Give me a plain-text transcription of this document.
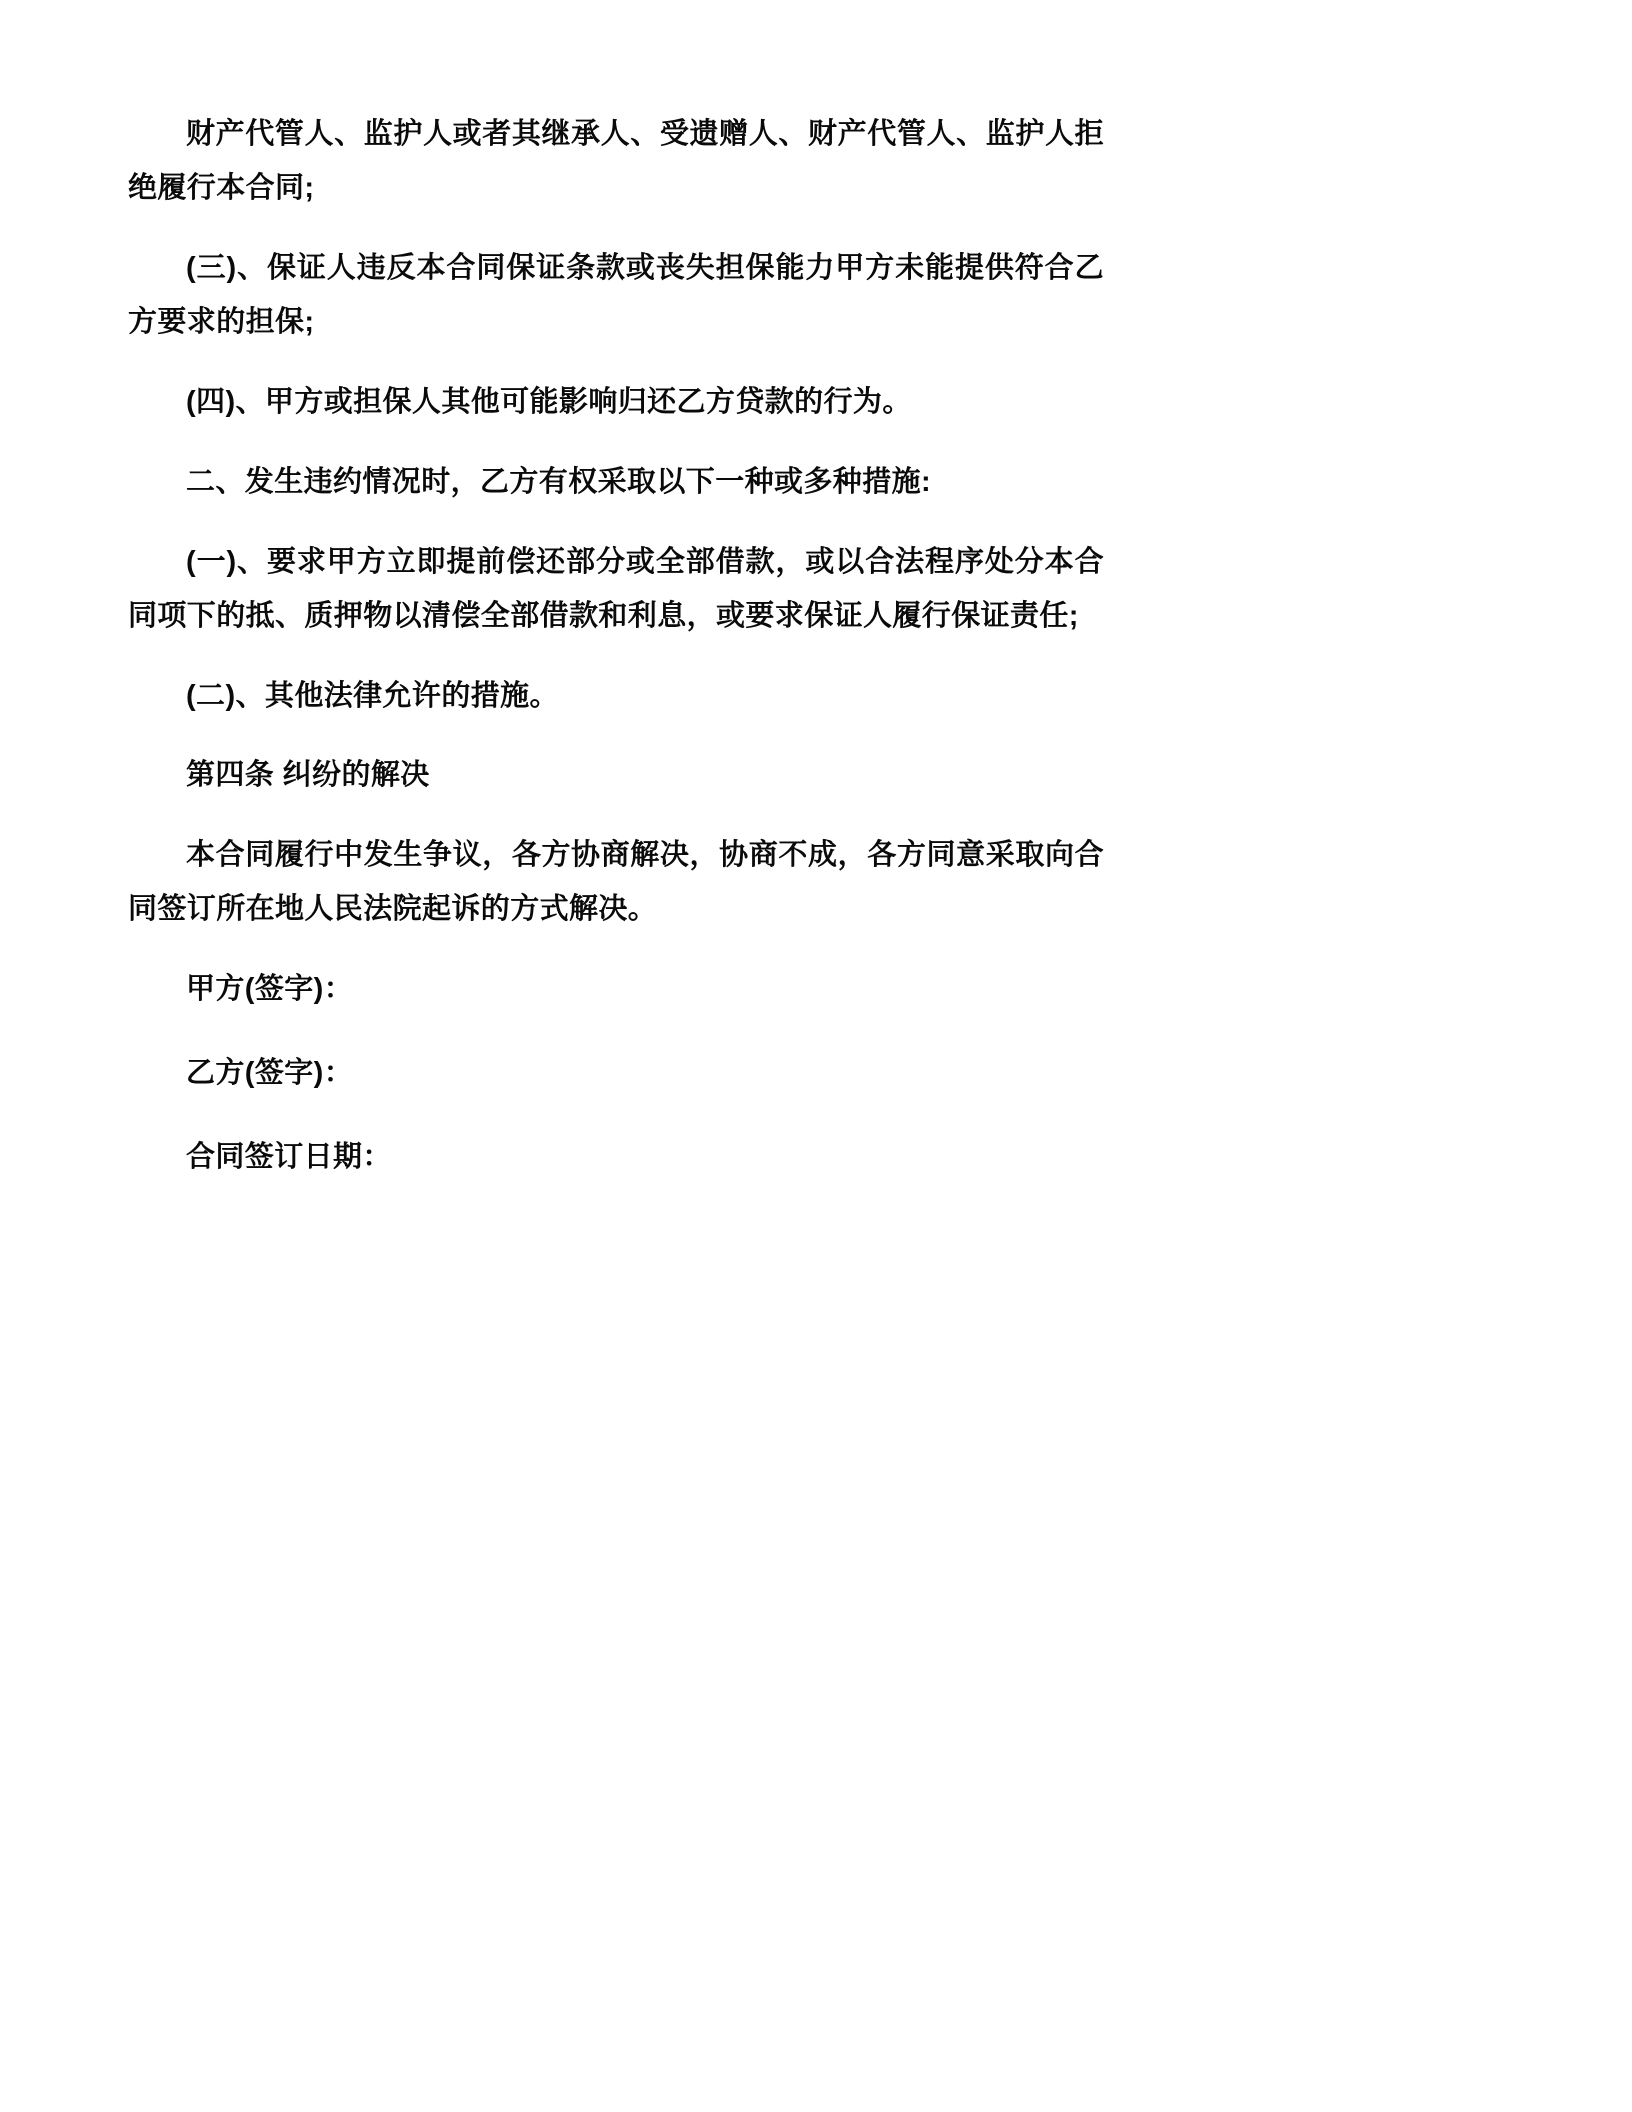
财产代管人、监护人或者其继承人、受遗赠人、财产代管人、监护人拒绝履行本合同;

(三)、保证人违反本合同保证条款或丧失担保能力甲方未能提供符合乙方要求的担保;

(四)、甲方或担保人其他可能影响归还乙方贷款的行为。

二、发生违约情况时，乙方有权采取以下一种或多种措施:

(一)、要求甲方立即提前偿还部分或全部借款，或以合法程序处分本合同项下的抵、质押物以清偿全部借款和利息，或要求保证人履行保证责任;

(二)、其他法律允许的措施。

第四条 纠纷的解决

本合同履行中发生争议，各方协商解决，协商不成，各方同意采取向合同签订所在地人民法院起诉的方式解决。

甲方(签字)：

乙方(签字)：

合同签订日期：
